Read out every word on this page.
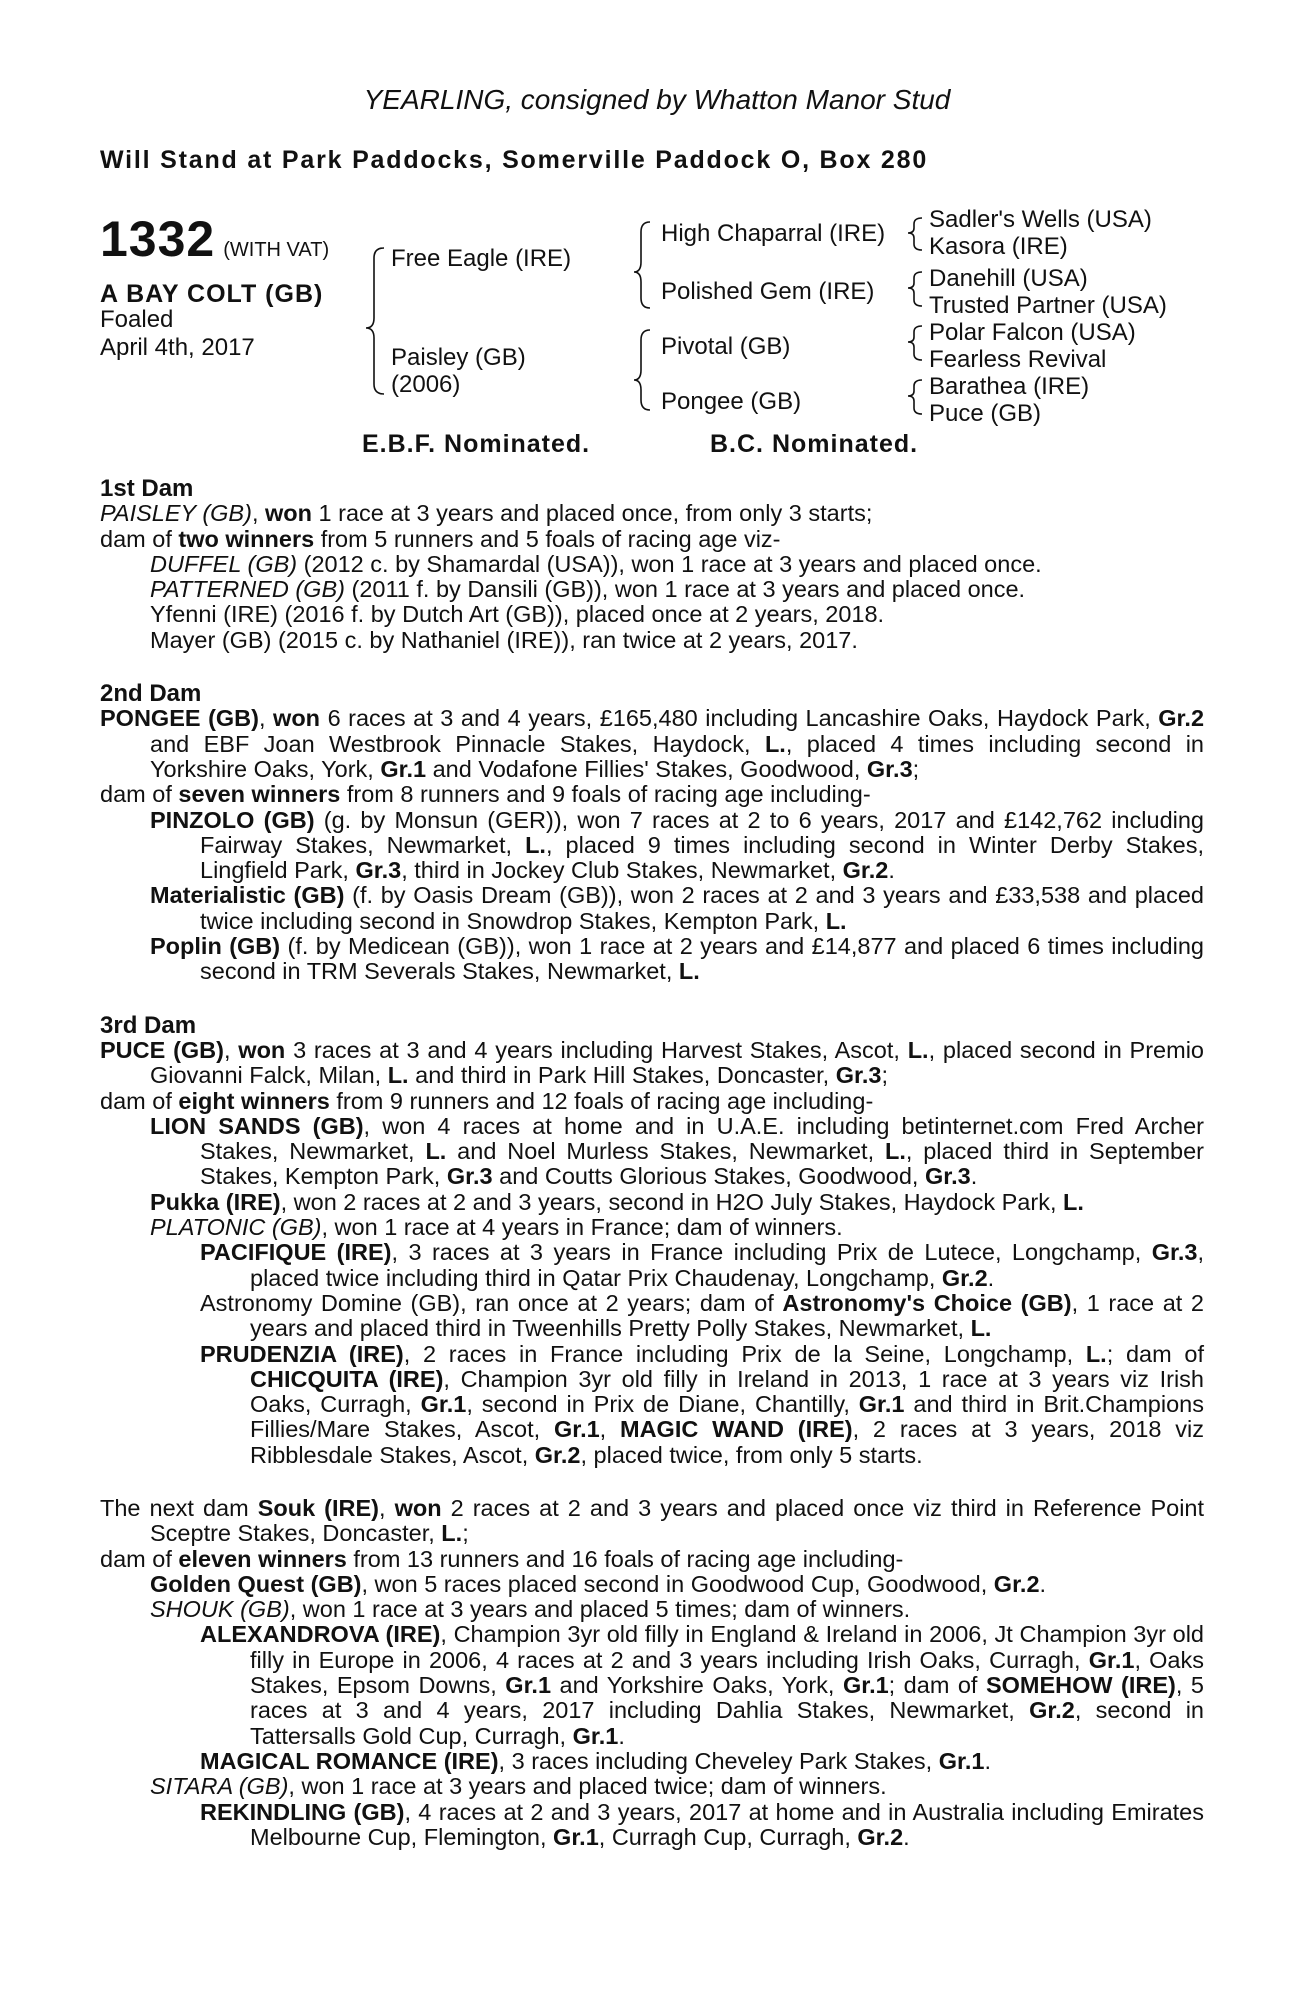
YEARLING, consigned by Whatton Manor Stud
Will Stand at Park Paddocks, Somerville Paddock O, Box 280
1332 (WITH VAT)
A BAY COLT (GB)
Foaled
April 4th, 2017
Free Eagle (IRE)
Paisley (GB)
(2006)
High Chaparral (IRE)
Polished Gem (IRE)
Pivotal (GB)
Pongee (GB)
Sadler's Wells (USA)
Kasora (IRE)
Danehill (USA)
Trusted Partner (USA)
Polar Falcon (USA)
Fearless Revival
Barathea (IRE)
Puce (GB)
E.B.F. Nominated.	B.C. Nominated.

1st Dam

PAISLEY (GB), won 1 race at 3 years and placed once, from only 3 starts;

dam of two winners from 5 runners and 5 foals of racing age viz-

DUFFEL (GB) (2012 c. by Shamardal (USA)), won 1 race at 3 years and placed once.

PATTERNED (GB) (2011 f. by Dansili (GB)), won 1 race at 3 years and placed once.

Yfenni (IRE) (2016 f. by Dutch Art (GB)), placed once at 2 years, 2018.

Mayer (GB) (2015 c. by Nathaniel (IRE)), ran twice at 2 years, 2017.

2nd Dam

PONGEE (GB), won 6 races at 3 and 4 years, £165,480 including Lancashire Oaks, Haydock Park, Gr.2 and EBF Joan Westbrook Pinnacle Stakes, Haydock, L., placed 4 times including second in Yorkshire Oaks, York, Gr.1 and Vodafone Fillies' Stakes, Goodwood, Gr.3;

dam of seven winners from 8 runners and 9 foals of racing age including-

PINZOLO (GB) (g. by Monsun (GER)), won 7 races at 2 to 6 years, 2017 and £142,762 including Fairway Stakes, Newmarket, L., placed 9 times including second in Winter Derby Stakes, Lingfield Park, Gr.3, third in Jockey Club Stakes, Newmarket, Gr.2.

Materialistic (GB) (f. by Oasis Dream (GB)), won 2 races at 2 and 3 years and £33,538 and placed twice including second in Snowdrop Stakes, Kempton Park, L.

Poplin (GB) (f. by Medicean (GB)), won 1 race at 2 years and £14,877 and placed 6 times including second in TRM Severals Stakes, Newmarket, L.

3rd Dam

PUCE (GB), won 3 races at 3 and 4 years including Harvest Stakes, Ascot, L., placed second in Premio Giovanni Falck, Milan, L. and third in Park Hill Stakes, Doncaster, Gr.3;

dam of eight winners from 9 runners and 12 foals of racing age including-

LION SANDS (GB), won 4 races at home and in U.A.E. including betinternet.com Fred Archer Stakes, Newmarket, L. and Noel Murless Stakes, Newmarket, L., placed third in September Stakes, Kempton Park, Gr.3 and Coutts Glorious Stakes, Goodwood, Gr.3.

Pukka (IRE), won 2 races at 2 and 3 years, second in H2O July Stakes, Haydock Park, L.

PLATONIC (GB), won 1 race at 4 years in France; dam of winners.

PACIFIQUE (IRE), 3 races at 3 years in France including Prix de Lutece, Longchamp, Gr.3, placed twice including third in Qatar Prix Chaudenay, Longchamp, Gr.2.

Astronomy Domine (GB), ran once at 2 years; dam of Astronomy's Choice (GB), 1 race at 2 years and placed third in Tweenhills Pretty Polly Stakes, Newmarket, L.

PRUDENZIA (IRE), 2 races in France including Prix de la Seine, Longchamp, L.; dam of CHICQUITA (IRE), Champion 3yr old filly in Ireland in 2013, 1 race at 3 years viz Irish Oaks, Curragh, Gr.1, second in Prix de Diane, Chantilly, Gr.1 and third in Brit.Champions Fillies/Mare Stakes, Ascot, Gr.1, MAGIC WAND (IRE), 2 races at 3 years, 2018 viz Ribblesdale Stakes, Ascot, Gr.2, placed twice, from only 5 starts.

The next dam Souk (IRE), won 2 races at 2 and 3 years and placed once viz third in Reference Point Sceptre Stakes, Doncaster, L.;

dam of eleven winners from 13 runners and 16 foals of racing age including-

Golden Quest (GB), won 5 races placed second in Goodwood Cup, Goodwood, Gr.2.

SHOUK (GB), won 1 race at 3 years and placed 5 times; dam of winners.

ALEXANDROVA (IRE), Champion 3yr old filly in England & Ireland in 2006, Jt Champion 3yr old filly in Europe in 2006, 4 races at 2 and 3 years including Irish Oaks, Curragh, Gr.1, Oaks Stakes, Epsom Downs, Gr.1 and Yorkshire Oaks, York, Gr.1; dam of SOMEHOW (IRE), 5 races at 3 and 4 years, 2017 including Dahlia Stakes, Newmarket, Gr.2, second in Tattersalls Gold Cup, Curragh, Gr.1.

MAGICAL ROMANCE (IRE), 3 races including Cheveley Park Stakes, Gr.1.

SITARA (GB), won 1 race at 3 years and placed twice; dam of winners.

REKINDLING (GB), 4 races at 2 and 3 years, 2017 at home and in Australia including Emirates Melbourne Cup, Flemington, Gr.1, Curragh Cup, Curragh, Gr.2.
